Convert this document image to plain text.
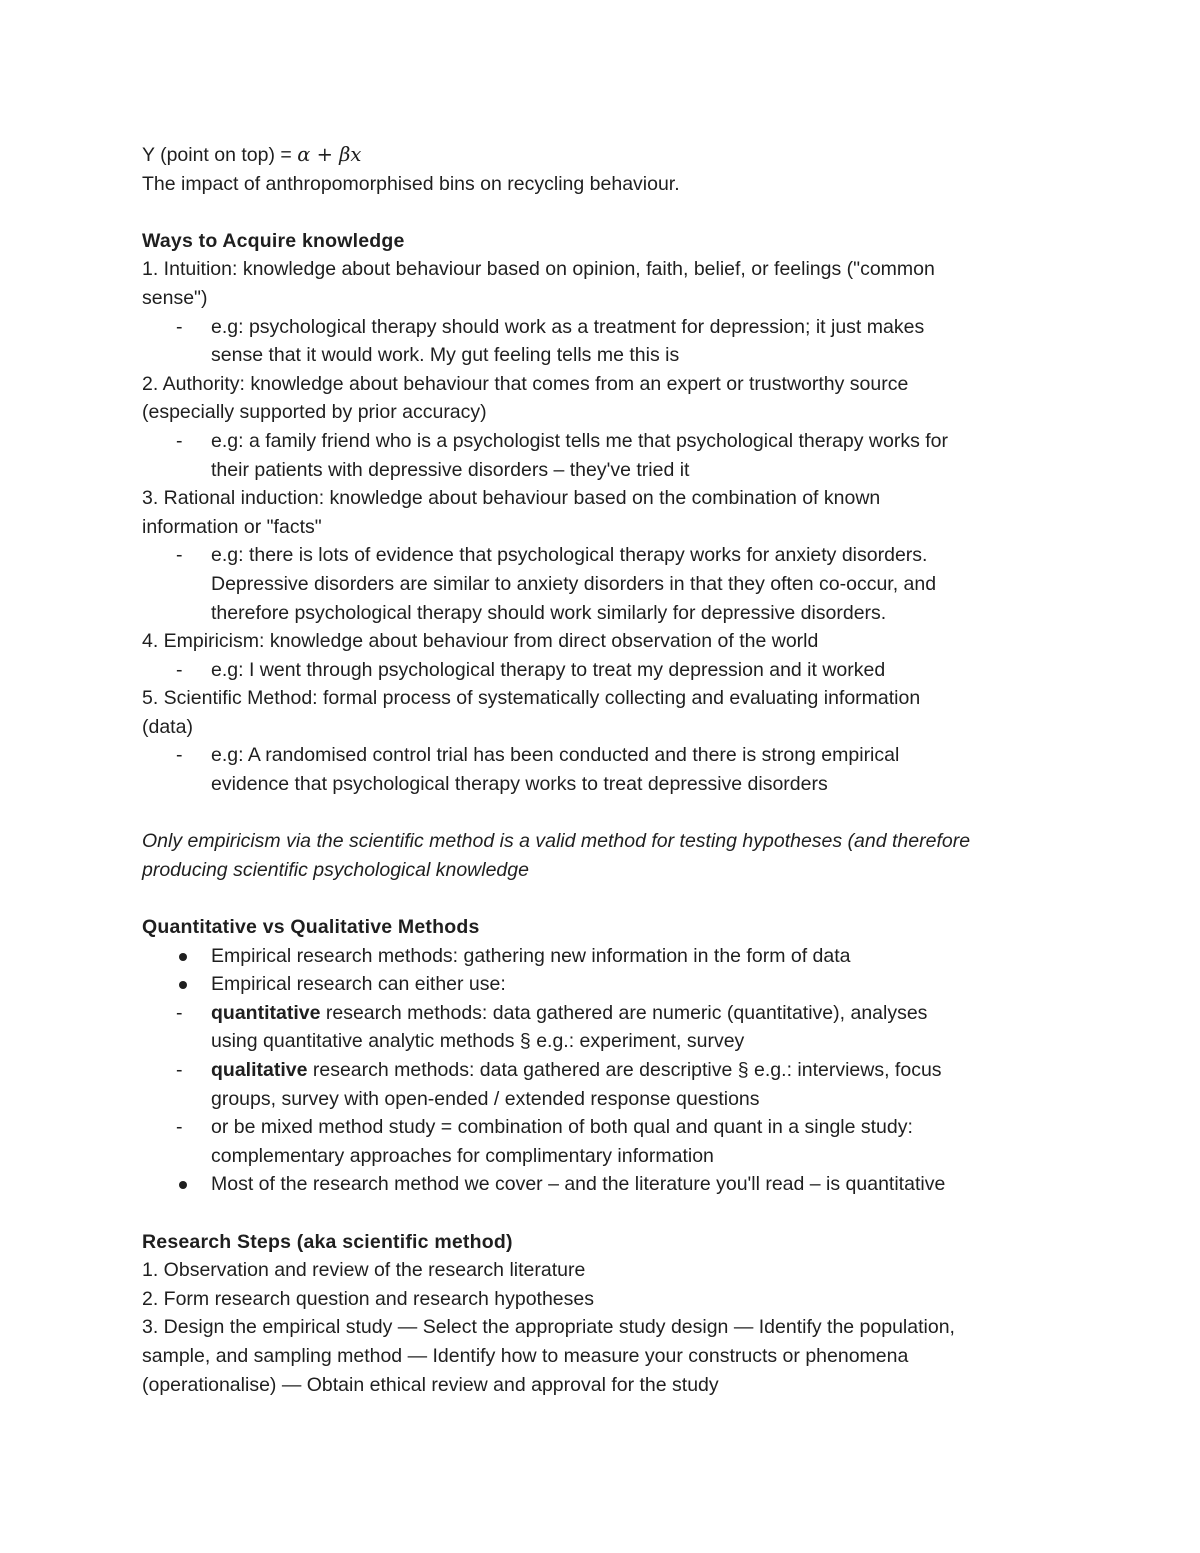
Y (point on top) = 𝛼 + 𝛽𝑥
The impact of anthropomorphised bins on recycling behaviour.
Ways to Acquire knowledge
1. Intuition: knowledge about behaviour based on opinion, faith, belief, or feelings ("common
sense")
- e.g: psychological therapy should work as a treatment for depression; it just makes
sense that it would work. My gut feeling tells me this is
2. Authority: knowledge about behaviour that comes from an expert or trustworthy source
(especially supported by prior accuracy)
- e.g: a family friend who is a psychologist tells me that psychological therapy works for
their patients with depressive disorders – they've tried it
3. Rational induction: knowledge about behaviour based on the combination of known
information or "facts"
- e.g: there is lots of evidence that psychological therapy works for anxiety disorders.
Depressive disorders are similar to anxiety disorders in that they often co-occur, and
therefore psychological therapy should work similarly for depressive disorders.
4. Empiricism: knowledge about behaviour from direct observation of the world
- e.g: I went through psychological therapy to treat my depression and it worked
5. Scientific Method: formal process of systematically collecting and evaluating information
(data)
- e.g: A randomised control trial has been conducted and there is strong empirical
evidence that psychological therapy works to treat depressive disorders
Only empiricism via the scientific method is a valid method for testing hypotheses (and therefore
producing scientific psychological knowledge
Quantitative vs Qualitative Methods
Empirical research methods: gathering new information in the form of data
Empirical research can either use:
- quantitative research methods: data gathered are numeric (quantitative), analyses
using quantitative analytic methods § e.g.: experiment, survey
- qualitative research methods: data gathered are descriptive § e.g.: interviews, focus
groups, survey with open-ended / extended response questions
- or be mixed method study = combination of both qual and quant in a single study:
complementary approaches for complimentary information
Most of the research method we cover – and the literature you'll read – is quantitative
Research Steps (aka scientific method)
1. Observation and review of the research literature
2. Form research question and research hypotheses
3. Design the empirical study — Select the appropriate study design — Identify the population,
sample, and sampling method — Identify how to measure your constructs or phenomena
(operationalise) — Obtain ethical review and approval for the study
